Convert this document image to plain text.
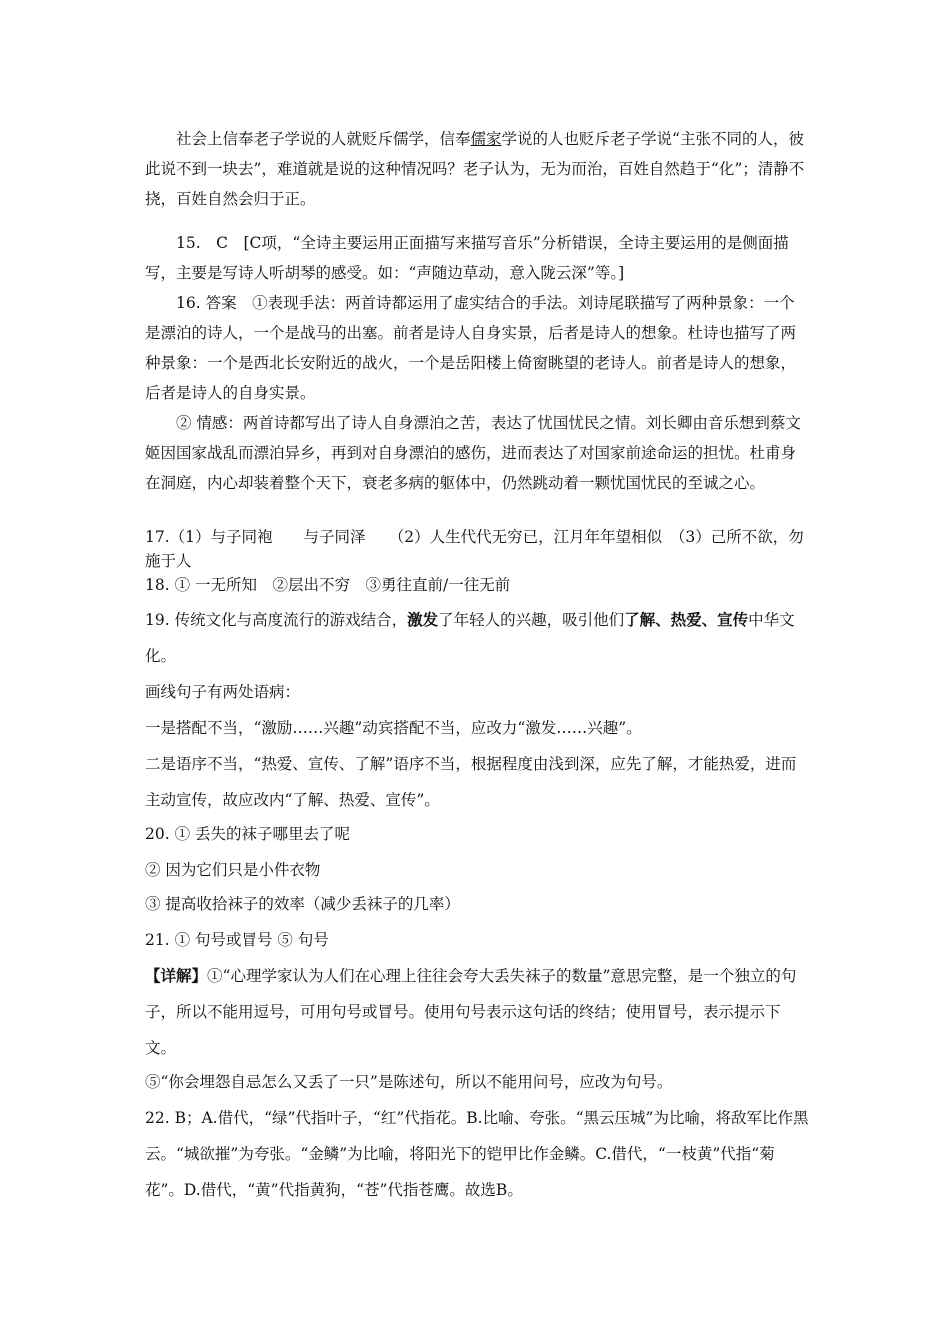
社会上信奉老子学说的人就贬斥儒学，信奉儒家学说的人也贬斥老子学说“主张不同的人，彼此说不到一块去”，难道就是说的这种情况吗？老子认为，无为而治，百姓自然趋于“化”；清静不挠，百姓自然会归于正。

15.　C　[C项，“全诗主要运用正面描写来描写音乐”分析错误，全诗主要运用的是侧面描写，主要是写诗人听胡琴的感受。如：“声随边草动，意入陇云深”等。]

16. 答案　①表现手法：两首诗都运用了虚实结合的手法。刘诗尾联描写了两种景象：一个是漂泊的诗人，一个是战马的出塞。前者是诗人自身实景，后者是诗人的想象。杜诗也描写了两种景象：一个是西北长安附近的战火，一个是岳阳楼上倚窗眺望的老诗人。前者是诗人的想象，后者是诗人的自身实景。

② 情感：两首诗都写出了诗人自身漂泊之苦，表达了忧国忧民之情。刘长卿由音乐想到蔡文姬因国家战乱而漂泊异乡，再到对自身漂泊的感伤，进而表达了对国家前途命运的担忧。杜甫身在洞庭，内心却装着整个天下，衰老多病的躯体中，仍然跳动着一颗忧国忧民的至诚之心。

17.（1）与子同袍　　与子同泽　　（2）人生代代无穷已，江月年年望相似　（3）己所不欲，勿施于人

18. ① 一无所知　②层出不穷　③勇往直前/一往无前

19. 传统文化与高度流行的游戏结合，激发了年轻人的兴趣，吸引他们了解、热爱、宣传中华文化。

画线句子有两处语病：

一是搭配不当，“激励……兴趣”动宾搭配不当，应改力“激发……兴趣”。

二是语序不当，“热爱、宣传、了解”语序不当，根据程度由浅到深，应先了解，才能热爱，进而主动宣传，故应改内“了解、热爱、宣传”。

20. ① 丢失的袜子哪里去了呢

② 因为它们只是小件衣物

③ 提高收拾袜子的效率（减少丢袜子的几率）

21. ① 句号或冒号 ⑤ 句号

【详解】①“心理学家认为人们在心理上往往会夸大丢失袜子的数量”意思完整，是一个独立的句子，所以不能用逗号，可用句号或冒号。使用句号表示这句话的终结；使用冒号，表示提示下文。

⑤“你会埋怨自忌怎么又丢了一只”是陈述句，所以不能用问号，应改为句号。

22. B；A.借代，“绿”代指叶子，“红”代指花。B.比喻、夸张。“黑云压城”为比喻，将敌军比作黑云。“城欲摧”为夸张。“金鳞”为比喻，将阳光下的铠甲比作金鳞。C.借代，“一枝黄”代指“菊花”。D.借代，“黄”代指黄狗，“苍”代指苍鹰。故选B。
